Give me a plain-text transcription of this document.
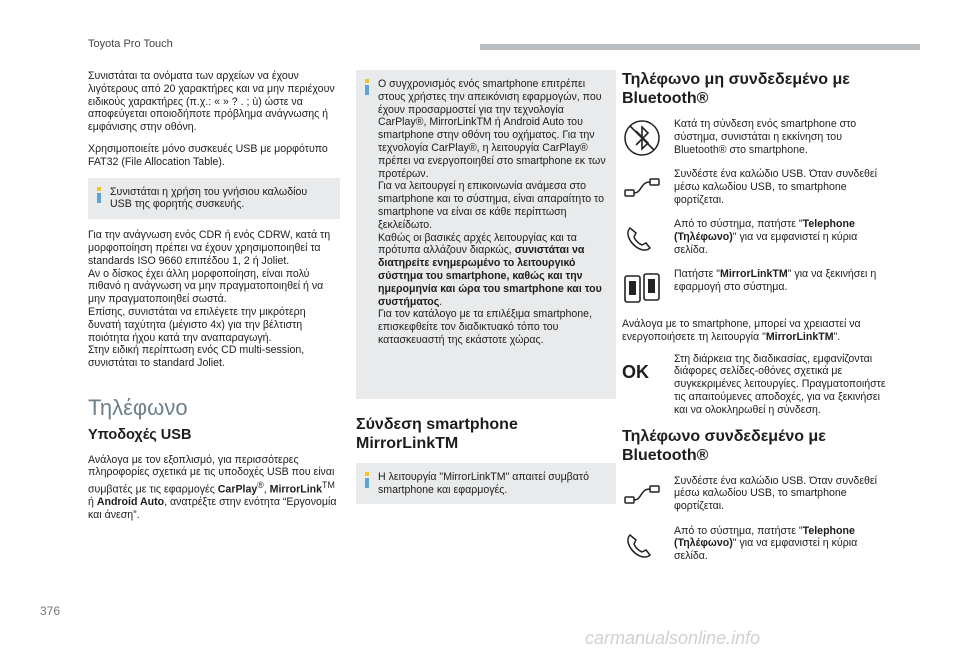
Toyota Pro Touch

Συνιστάται τα ονόματα των αρχείων να έχουν λιγότερους από 20 χαρακτήρες και να μην περιέχουν ειδικούς χαρακτήρες (π.χ.: « » ? . ; ù) ώστε να αποφεύγεται οποιοδήποτε πρόβλημα ανάγνωσης ή εμφάνισης στην οθόνη.

Χρησιμοποιείτε μόνο συσκευές USB με μορφότυπο FAT32 (File Allocation Table).

Συνιστάται η χρήση του γνήσιου καλωδίου USB της φορητής συσκευής.

Για την ανάγνωση ενός CDR ή ενός CDRW, κατά τη μορφοποίηση πρέπει να έχουν χρησιμοποιηθεί τα standards ISO 9660 επιπέδου 1, 2 ή Joliet.

Αν ο δίσκος έχει άλλη μορφοποίηση, είναι πολύ πιθανό η ανάγνωση να μην πραγματοποιηθεί ή να μην πραγματοποιηθεί σωστά.

Επίσης, συνιστάται να επιλέγετε την μικρότερη δυνατή ταχύτητα (μέγιστο 4x) για την βέλτιστη ποιότητα ήχου κατά την αναπαραγωγή.

Στην ειδική περίπτωση ενός CD multi-session, συνιστάται το standard Joliet.

Τηλέφωνο
Υποδοχές USB

Ανάλογα με τον εξοπλισμό, για περισσότερες πληροφορίες σχετικά με τις υποδοχές USB που είναι συμβατές με τις εφαρμογές CarPlay®, MirrorLink™ ή Android Auto, ανατρέξτε στην ενότητα “Εργονομία και άνεση”.

Ο συγχρονισμός ενός smartphone επιτρέπει στους χρήστες την απεικόνιση εφαρμογών, που έχουν προσαρμοστεί για την τεχνολογία CarPlay®, MirrorLinkTM ή Android Auto του smartphone στην οθόνη του οχήματος. Για την τεχνολογία CarPlay®, η λειτουργία CarPlay® πρέπει να ενεργοποιηθεί στο smartphone εκ των προτέρων.
Για να λειτουργεί η επικοινωνία ανάμεσα στο smartphone και το σύστημα, είναι απαραίτητο το smartphone να είναι σε κάθε περίπτωση ξεκλείδωτο.
Καθώς οι βασικές αρχές λειτουργίας και τα πρότυπα αλλάζουν διαρκώς, συνιστάται να διατηρείτε ενημερωμένο το λειτουργικό σύστημα του smartphone, καθώς και την ημερομηνία και ώρα του smartphone και του συστήματος.
Για τον κατάλογο με τα επιλέξιμα smartphone, επισκεφθείτε τον διαδικτυακό τόπο του κατασκευαστή της εκάστοτε χώρας.
Σύνδεση smartphone MirrorLinkTM
Η λειτουργία "MirrorLinkTM" απαιτεί συμβατό smartphone και εφαρμογές.
Τηλέφωνο μη συνδεδεμένο με Bluetooth®
Κατά τη σύνδεση ενός smartphone στο σύστημα, συνιστάται η εκκίνηση του Bluetooth® στο smartphone.
Συνδέστε ένα καλώδιο USB. Όταν συνδεθεί μέσω καλωδίου USB, το smartphone φορτίζεται.
Από το σύστημα, πατήστε "Telephone (Τηλέφωνο)" για να εμφανιστεί η κύρια σελίδα.
Πατήστε "MirrorLinkTM" για να ξεκινήσει η εφαρμογή στο σύστημα.

Ανάλογα με το smartphone, μπορεί να χρειαστεί να ενεργοποιήσετε τη λειτουργία "MirrorLinkTM".

OK
Στη διάρκεια της διαδικασίας, εμφανίζονται διάφορες σελίδες-οθόνες σχετικά με συγκεκριμένες λειτουργίες. Πραγματοποιήστε τις απαιτούμενες αποδοχές, για να ξεκινήσει και να ολοκληρωθεί η σύνδεση.
Τηλέφωνο συνδεδεμένο με Bluetooth®
Συνδέστε ένα καλώδιο USB. Όταν συνδεθεί μέσω καλωδίου USB, το smartphone φορτίζεται.
Από το σύστημα, πατήστε "Telephone (Τηλέφωνο)" για να εμφανιστεί η κύρια σελίδα.
376
carmanualsonline.info
